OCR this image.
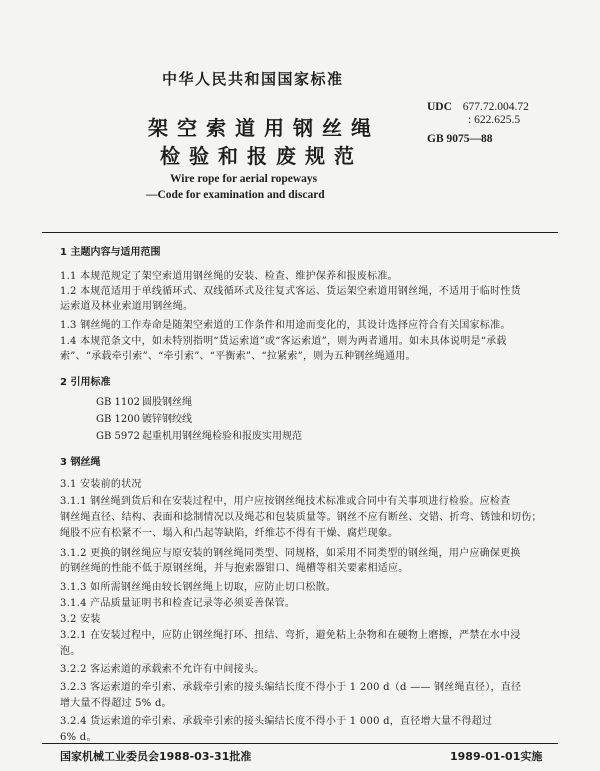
中华人民共和国国家标准
架空索道用钢丝绳
检验和报废规范
Wire rope for aerial ropeways
—Code for examination and discard
UDC 677.72.004.72
: 622.625.5
GB 9075—88
1 主题内容与适用范围
1.1 本规范规定了架空索道用钢丝绳的安装、检查、维护保养和报废标准。
1.2 本规范适用于单线循环式、双线循环式及往复式客运、货运架空索道用钢丝绳，不适用于临时性货
运索道及林业索道用钢丝绳。
1.3 钢丝绳的工作寿命是随架空索道的工作条件和用途而变化的，其设计选择应符合有关国家标准。
1.4 本规范条文中，如未特别指明“货运索道”或“客运索道”，则为两者通用。如未具体说明是“承载
索”、“承载牵引索”、“牵引索”、“平衡索”、“拉紧索”，则为五种钢丝绳通用。
2 引用标准
GB 1102 圆股钢丝绳
GB 1200 镀锌钢绞线
GB 5972 起重机用钢丝绳检验和报废实用规范
3 钢丝绳
3.1 安装前的状况
3.1.1 钢丝绳到货后和在安装过程中，用户应按钢丝绳技术标准或合同中有关事项进行检验。应检查
钢丝绳直径、结构、表面和捻制情况以及绳芯和包装质量等。钢丝不应有断丝、交错、折弯、锈蚀和切伤；
绳股不应有松紧不一、塌入和凸起等缺陷，纤维芯不得有干燥、腐烂现象。
3.1.2 更换的钢丝绳应与原安装的钢丝绳同类型、同规格，如采用不同类型的钢丝绳，用户应确保更换
的钢丝绳的性能不低于原钢丝绳，并与抱索器钳口、绳槽等相关要素相适应。
3.1.3 如所需钢丝绳由较长钢丝绳上切取，应防止切口松散。
3.1.4 产品质量证明书和检查记录等必须妥善保管。
3.2 安装
3.2.1 在安装过程中，应防止钢丝绳打环、扭结、弯折，避免粘上杂物和在硬物上磨擦，严禁在水中浸
泡。
3.2.2 客运索道的承载索不允许有中间接头。
3.2.3 客运索道的牵引索、承载牵引索的接头编结长度不得小于 1 200 d（d —— 钢丝绳直径），直径
增大量不得超过 5% d。
3.2.4 货运索道的牵引索、承载牵引索的接头编结长度不得小于 1 000 d，直径增大量不得超过
6% d。
国家机械工业委员会1988-03-31批准	1989-01-01实施
